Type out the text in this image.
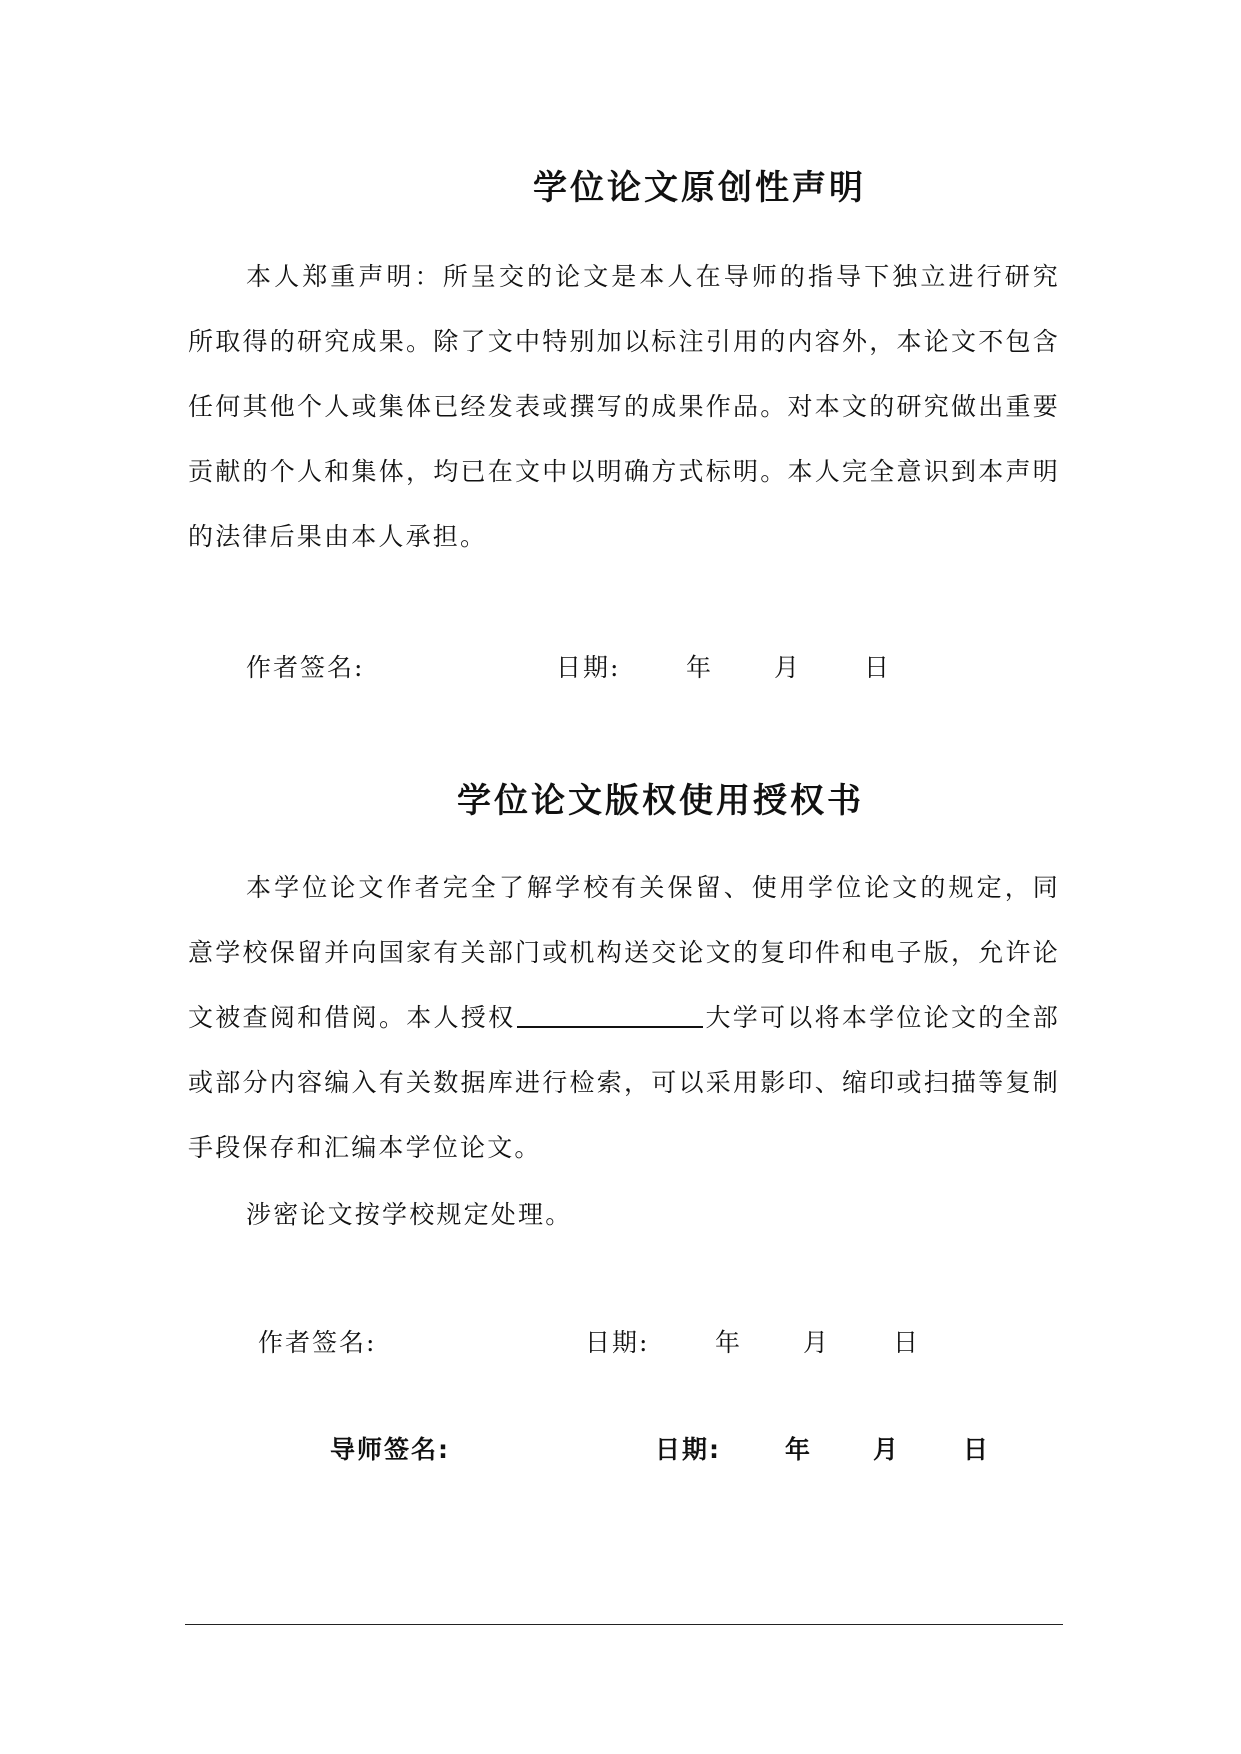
学位论文原创性声明

本人郑重声明：所呈交的论文是本人在导师的指导下独立进行研究所取得的研究成果。除了文中特别加以标注引用的内容外，本论文不包含任何其他个人或集体已经发表或撰写的成果作品。对本文的研究做出重要贡献的个人和集体，均已在文中以明确方式标明。本人完全意识到本声明的法律后果由本人承担。

作者签名:	日期:	年 月	日
学位论文版权使用授权书

本学位论文作者完全了解学校有关保留、使用学位论文的规定，同意学校保留并向国家有关部门或机构送交论文的复印件和电子版，允许论文被查阅和借阅。本人授权	大学可以将本学位论文的全部或部分内容编入有关数据库进行检索，可以采用影印、缩印或扫描等复制手段保存和汇编本学位论文。

涉密论文按学校规定处理。

作者签名:	日期:	年 月	日
导师签名:	日期:	年 月	日
